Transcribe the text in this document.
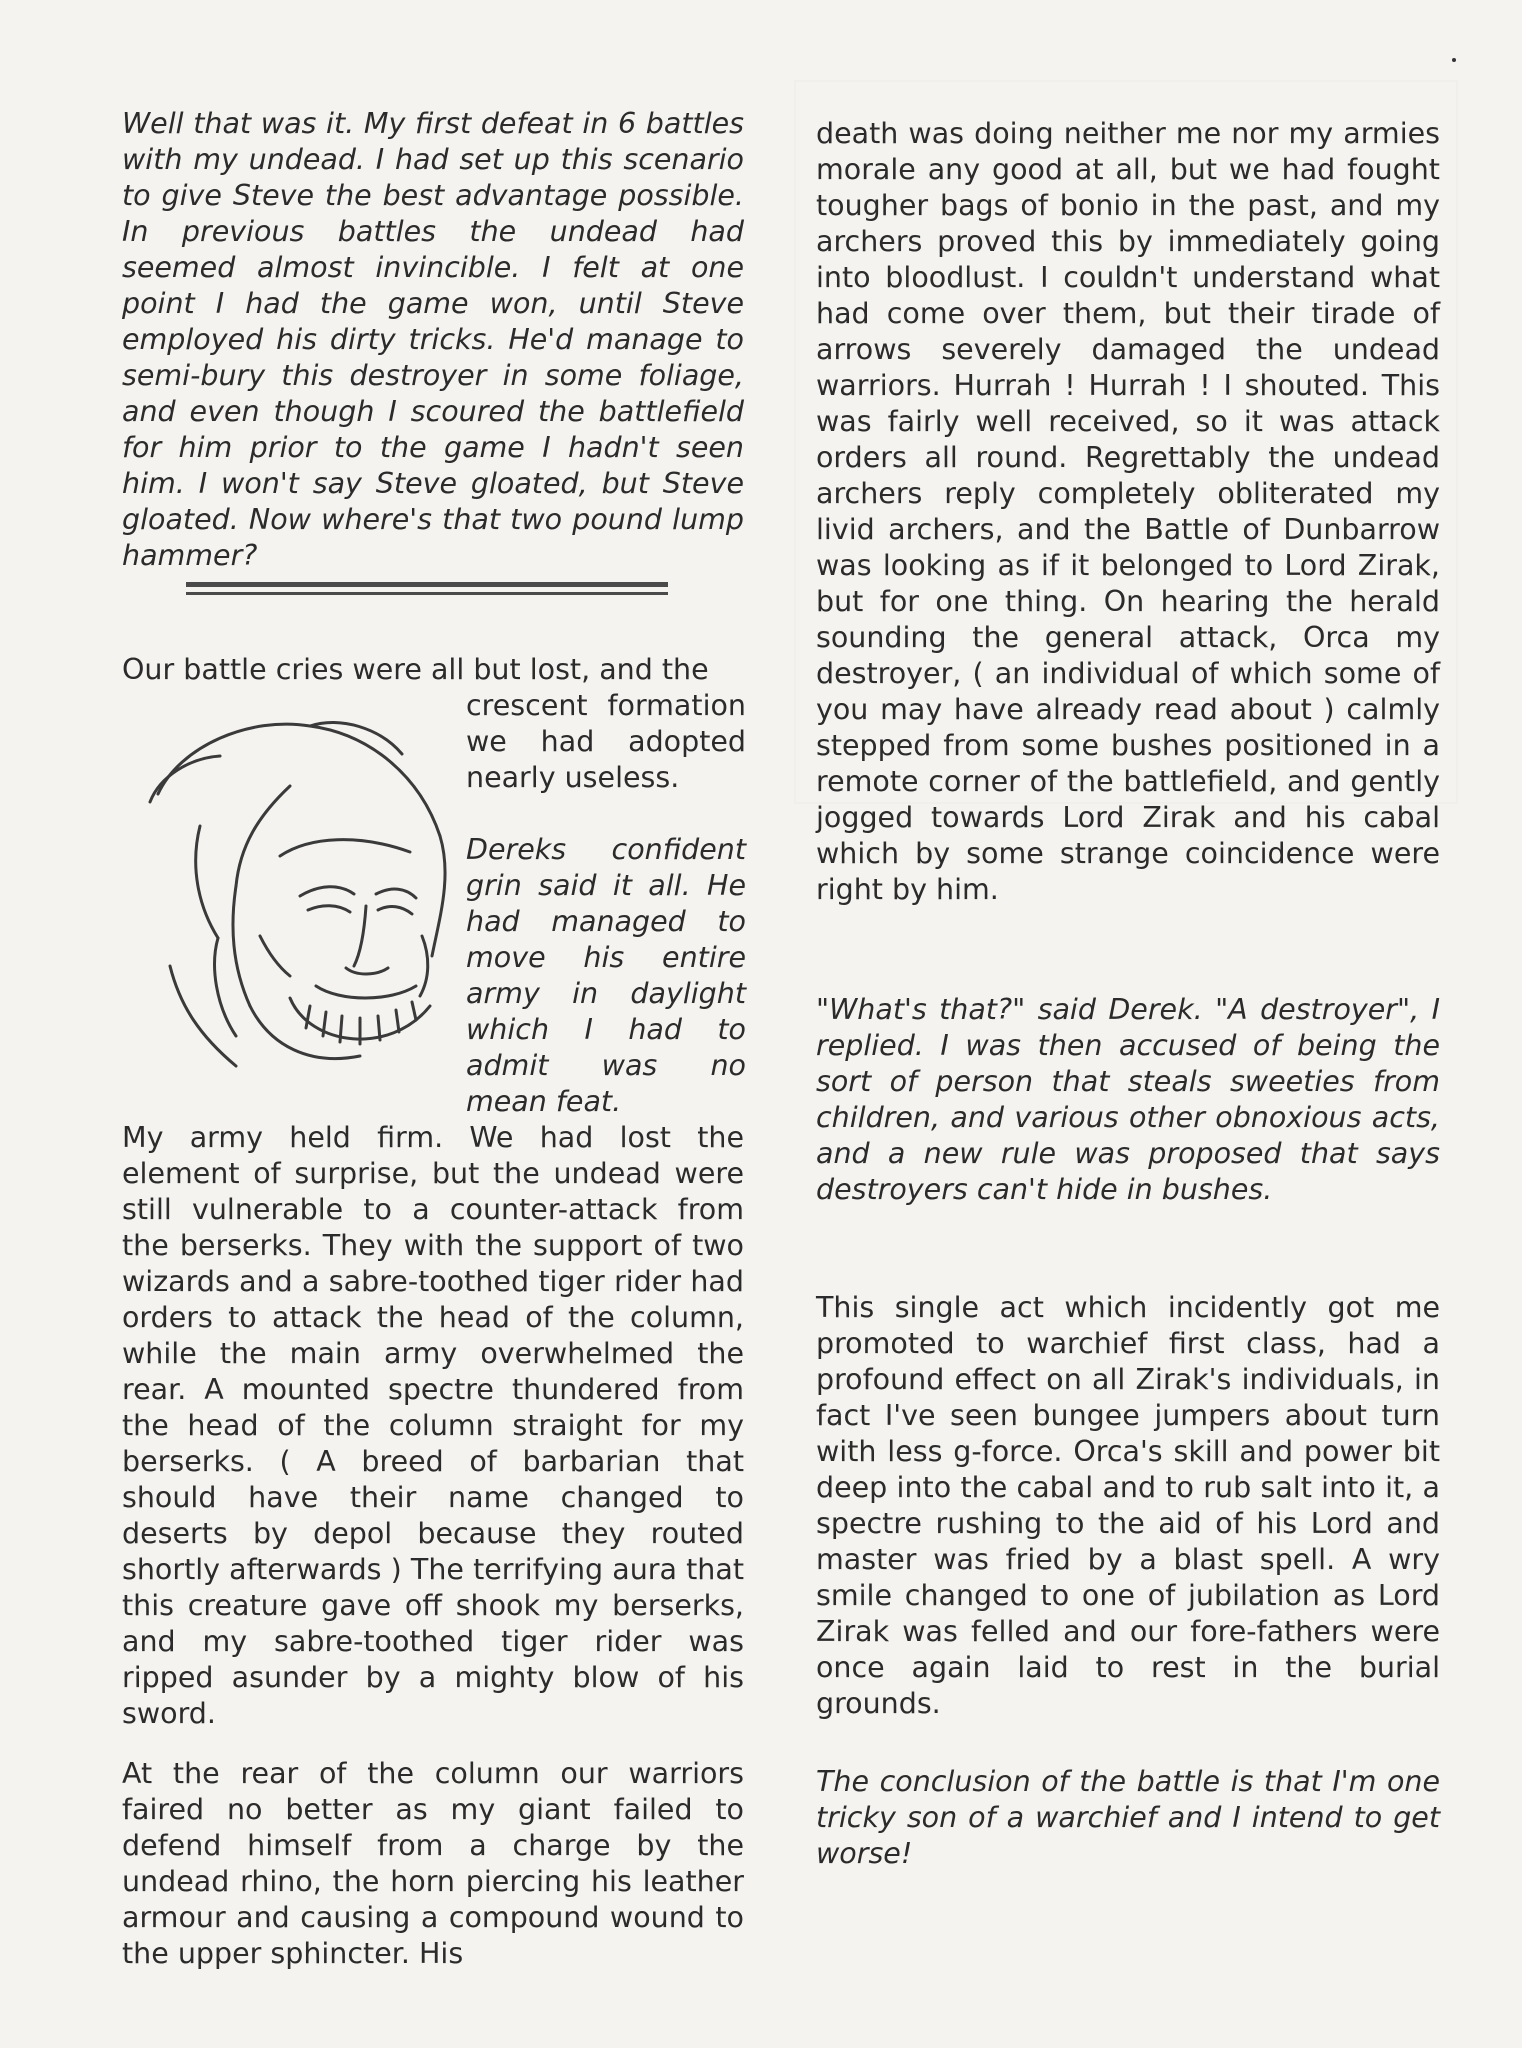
Well that was it. My first defeat in 6 battles with my undead. I had set up this scenario to give Steve the best advantage possible. In previous battles the undead had seemed almost invincible. I felt at one point I had the game won, until Steve employed his dirty tricks. He'd manage to semi-bury this destroyer in some foliage, and even though I scoured the battlefield for him prior to the game I hadn't seen him. I won't say Steve gloated, but Steve gloated. Now where's that two pound lump hammer?

Our battle cries were all but lost, and the

crescent formation we had adopted nearly useless.

Dereks confident grin said it all. He had managed to move his entire army in daylight which I had to admit was no mean feat.

My army held firm. We had lost the element of surprise, but the undead were still vulnerable to a counter-attack from the berserks. They with the support of two wizards and a sabre-toothed tiger rider had orders to attack the head of the column, while the main army overwhelmed the rear. A mounted spectre thundered from the head of the column straight for my berserks. ( A breed of barbarian that should have their name changed to deserts by depol because they routed shortly afterwards ) The terrifying aura that this creature gave off shook my berserks, and my sabre-toothed tiger rider was ripped asunder by a mighty blow of his sword.

At the rear of the column our warriors faired no better as my giant failed to defend himself from a charge by the undead rhino, the horn piercing his leather armour and causing a compound wound to the upper sphincter. His

death was doing neither me nor my armies morale any good at all, but we had fought tougher bags of bonio in the past, and my archers proved this by immediately going into bloodlust. I couldn't understand what had come over them, but their tirade of arrows severely damaged the undead warriors. Hurrah ! Hurrah ! I shouted. This was fairly well received, so it was attack orders all round. Regrettably the undead archers reply completely obliterated my livid archers, and the Battle of Dunbarrow was looking as if it belonged to Lord Zirak, but for one thing. On hearing the herald sounding the general attack, Orca my destroyer, ( an individual of which some of you may have already read about ) calmly stepped from some bushes positioned in a remote corner of the battlefield, and gently jogged towards Lord Zirak and his cabal which by some strange coincidence were right by him.

"What's that?" said Derek. "A destroyer", I replied. I was then accused of being the sort of person that steals sweeties from children, and various other obnoxious acts, and a new rule was proposed that says destroyers can't hide in bushes.

This single act which incidently got me promoted to warchief first class, had a profound effect on all Zirak's individuals, in fact I've seen bungee jumpers about turn with less g-force. Orca's skill and power bit deep into the cabal and to rub salt into it, a spectre rushing to the aid of his Lord and master was fried by a blast spell. A wry smile changed to one of jubilation as Lord Zirak was felled and our fore-fathers were once again laid to rest in the burial grounds.

The conclusion of the battle is that I'm one tricky son of a warchief and I intend to get worse!
